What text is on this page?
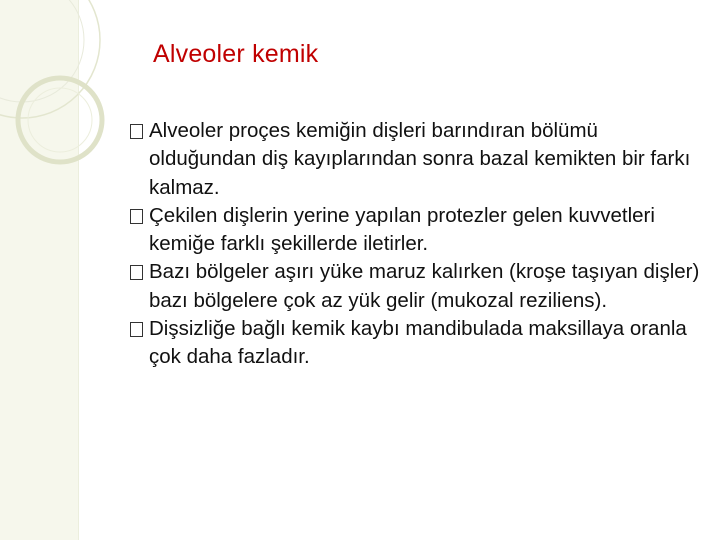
Alveoler kemik
Alveoler proçes kemiğin dişleri barındıran bölümü olduğundan diş kayıplarından sonra bazal kemikten bir farkı kalmaz.
Çekilen dişlerin yerine yapılan protezler gelen kuvvetleri kemiğe farklı şekillerde iletirler.
Bazı bölgeler aşırı yüke maruz kalırken (kroşe taşıyan dişler) bazı bölgelere çok az yük gelir (mukozal reziliens).
Dişsizliğe bağlı kemik kaybı mandibulada maksillaya oranla çok daha fazladır.
